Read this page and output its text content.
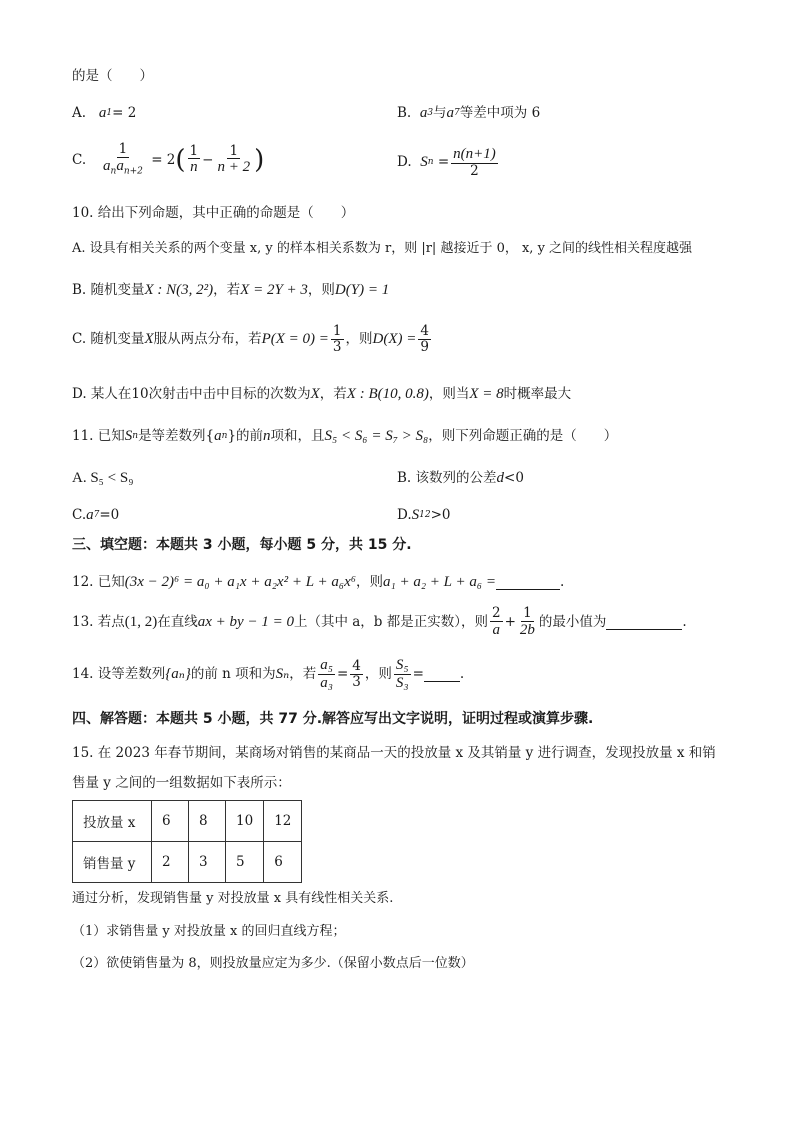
的是（　　）
A.
a 1 = 2	B.
a 3 与 a 7 等差中项为 6
C.
$\frac{1}{a_na_{n+2}}$
= 2 ( $\frac{1}{n} - \frac{1}{n + 2}$ )	D.
S n
= $\frac{n(n+1)}{2}$
10. 给出下列命题，其中正确的命题是（　　）
A. 设具有相关关系的两个变量 x, y 的样本相关系数为 r，则 |r| 越接近于 0， x, y 之间的线性相关程度越强
B. 随机变量 X : N(3, 2²) ，若 X = 2Y + 3 ，则 D(Y) = 1
C. 随机变量 X 服从两点分布，若 $P(X = 0) = \frac{1}{3}$ ，则 $D(X) = \frac{4}{9}$
D. 某人在10次射击中击中目标的次数为 X ，若 X : B(10, 0.8) ，则当 X = 8 时概率最大
11. 已知 S n 是等差数列{ a n }的前 n 项和，且 S₅ < S₆ = S₇ > S₈ ，则下列命题正确的是（　　）
A. S₅ < S₉	B. 该数列的公差 d <0
C. a 7 =0	D. S 12 >0
三、填空题：本题共 3 小题，每小题 5 分，共 15 分.
12. 已知 (3x − 2)⁶ = a₀ + a₁x + a₂x² + L + a₆x⁶ ，则 a₁ + a₂ + L + a₆ =	.
13. 若点 (1, 2) 在直线 ax + by − 1 = 0 上（其中 a，b 都是正实数），则 $\frac{2}{a} + \frac{1}{2b}$ 的最小值为	.
14. 设等差数列 {aₙ} 的前 n 项和为 Sₙ ，若 $\frac{\text{a₅}}{\text{a₃}} = \frac{4}{3}$ ，则 $\frac{\text{S₅}}{\text{S₃}}$ =	.
四、解答题：本题共 5 小题，共 77 分.解答应写出文字说明，证明过程或演算步骤.
15. 在 2023 年春节期间，某商场对销售的某商品一天的投放量 x 及其销量 y 进行调查，发现投放量 x 和销
售量 y 之间的一组数据如下表所示：
投放量 x	6	8	10	12
销售量 y	2	3	5	6
通过分析，发现销售量 y 对投放量 x 具有线性相关关系.
（1）求销售量 y 对投放量 x 的回归直线方程；
（2）欲使销售量为 8，则投放量应定为多少.（保留小数点后一位数）
